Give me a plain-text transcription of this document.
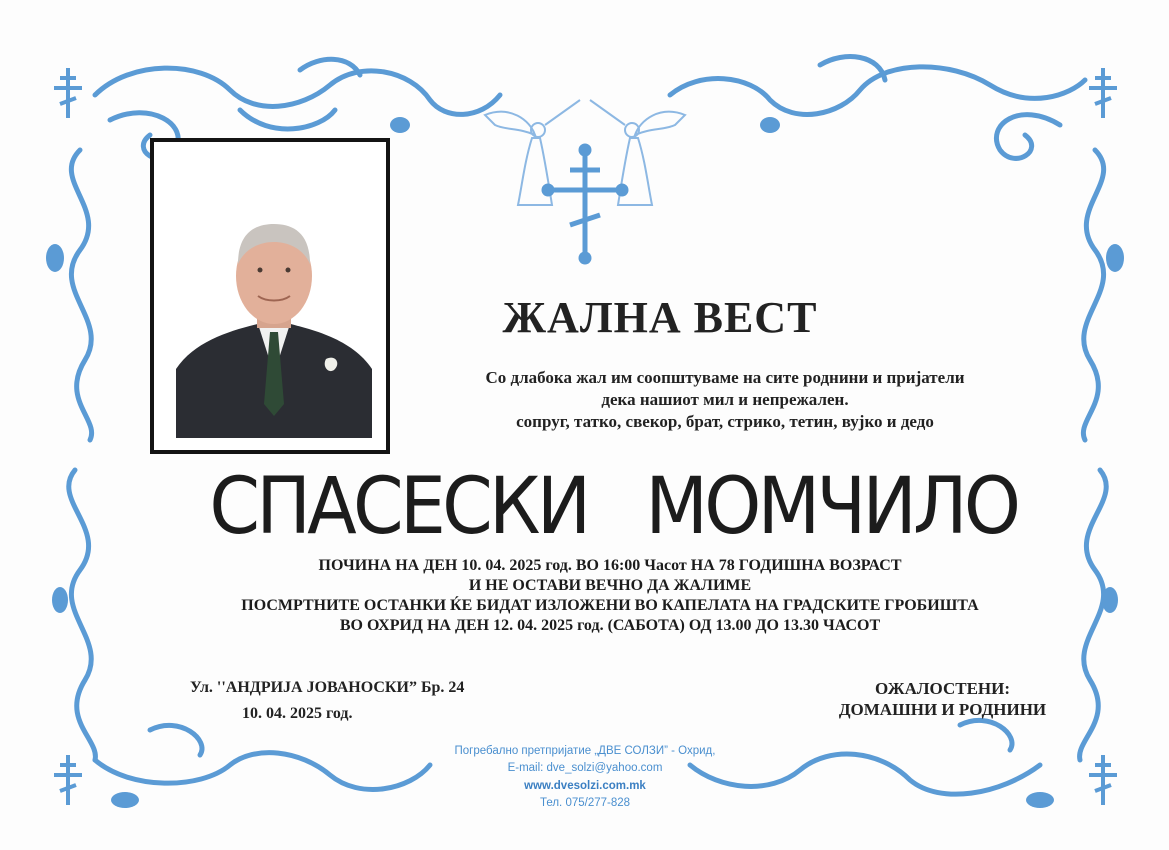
ЖАЛНА ВЕСТ
Со длабока жал им соопштуваме на сите роднини и пријатели
дека нашиот мил и непрежален.
сопруг, татко, свекор, брат, стрико, тетин, вујко и дедо
СПАСЕСКИ   МОМЧИЛО
ПОЧИНА НА ДЕН 10. 04. 2025 год. ВО 16:00 Часот НА 78 ГОДИШНА ВОЗРАСТ
И НЕ ОСТАВИ ВЕЧНО ДА ЖАЛИМЕ
ПОСМРТНИТЕ ОСТАНКИ ЌЕ БИДАТ ИЗЛОЖЕНИ ВО КАПЕЛАТА НА ГРАДСКИТЕ ГРОБИШТА
ВО ОХРИД НА ДЕН 12. 04. 2025 год. (САБОТА) ОД 13.00 ДО 13.30 ЧАСОТ
Ул. ''АНДРИЈА ЈОВАНОСКИ” Бр. 24
10. 04. 2025 год.
ОЖАЛОСТЕНИ:
ДОМАШНИ И РОДНИНИ
Погребално претпријатие „ДВЕ СОЛЗИ” - Охрид,
E-mail: dve_solzi@yahoo.com
www.dvesolzi.com.mk
Тел. 075/277-828
